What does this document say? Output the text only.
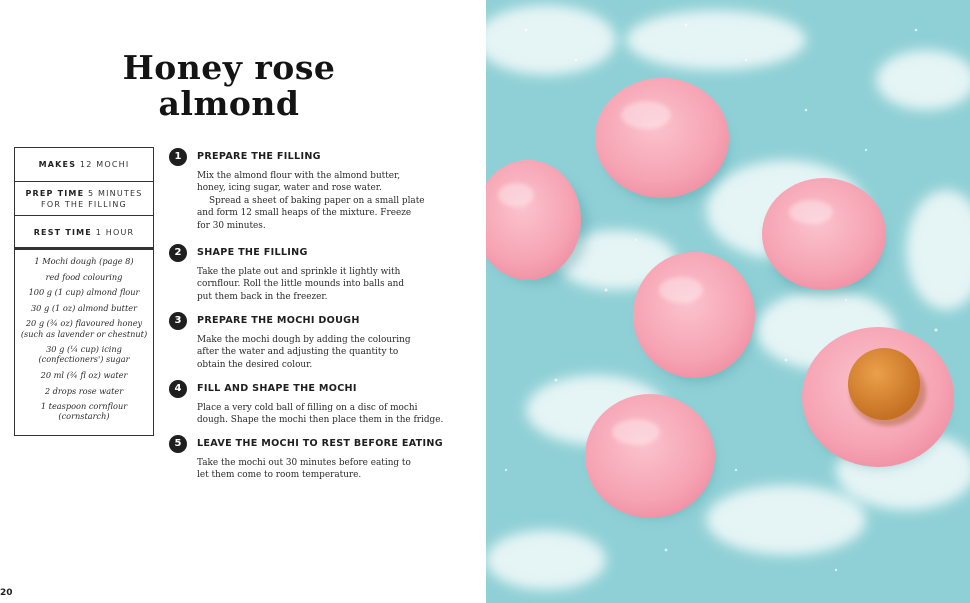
Honey rose almond
MAKES 12 MOCHI
PREP TIME 5 MINUTES FOR THE FILLING
REST TIME 1 HOUR
1 Mochi dough (page 8)
red food colouring
100 g (1 cup) almond flour
30 g (1 oz) almond butter
20 g (¾ oz) flavoured honey (such as lavender or chestnut)
30 g (¼ cup) icing (confectioners') sugar
20 ml (¾ fl oz) water
2 drops rose water
1 teaspoon cornflour (cornstarch)
1	PREPARE THE FILLING

Mix the almond flour with the almond butter,
honey, icing sugar, water and rose water.

Spread a sheet of baking paper on a small plate
and form 12 small heaps of the mixture. Freeze
for 30 minutes.

2	SHAPE THE FILLING

Take the plate out and sprinkle it lightly with
cornflour. Roll the little mounds into balls and
put them back in the freezer.

3	PREPARE THE MOCHI DOUGH

Make the mochi dough by adding the colouring
after the water and adjusting the quantity to
obtain the desired colour.

4	FILL AND SHAPE THE MOCHI

Place a very cold ball of filling on a disc of mochi
dough. Shape the mochi then place them in the fridge.

5	LEAVE THE MOCHI TO REST BEFORE EATING

Take the mochi out 30 minutes before eating to
let them come to room temperature.

20
